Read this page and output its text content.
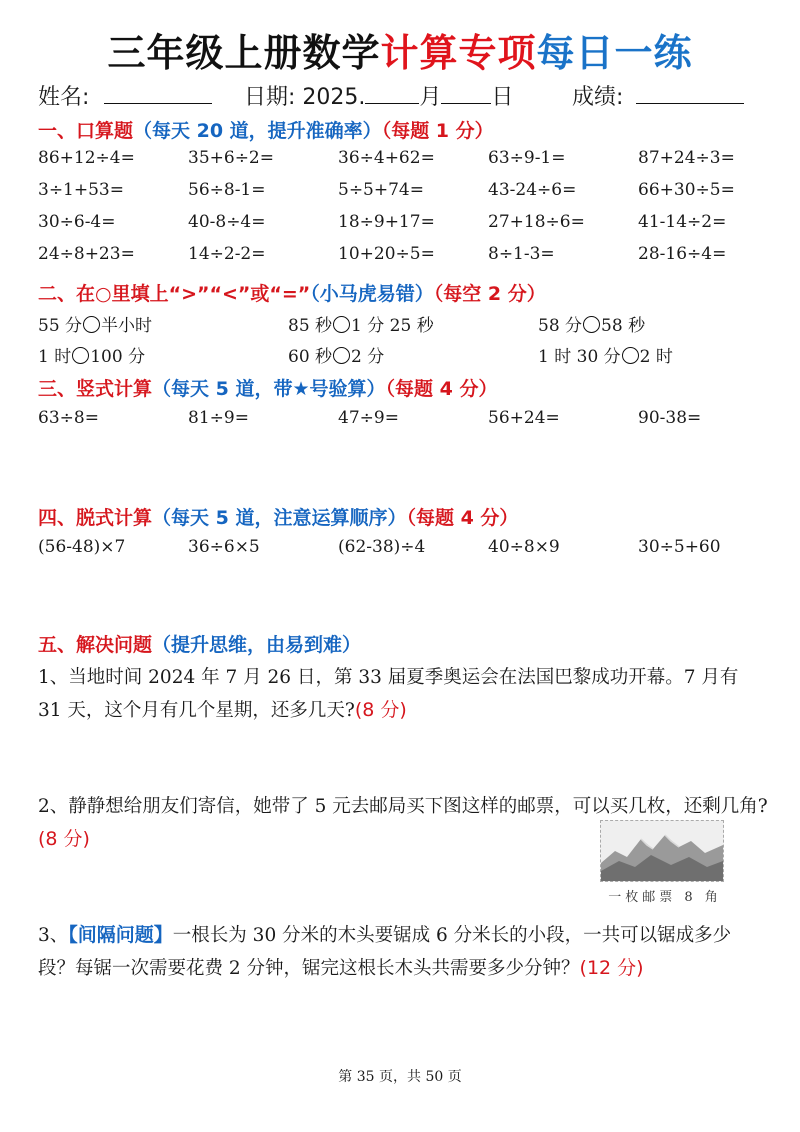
三年级上册数学计算专项每日一练
姓名:	日期: 2025. 月 日	成绩:
一、口算题（每天 20 道，提升准确率）（每题 1 分）
86+12÷4=	35+6÷2=	36÷4+62=	63÷9-1=	87+24÷3=
3÷1+53=	56÷8-1=	5÷5+74=	43-24÷6=	66+30÷5=
30÷6-4=	40-8÷4=	18÷9+17=	27+18÷6=	41-14÷2=
24÷8+23=	14÷2-2=	10+20÷5=	8÷1-3=	28-16÷4=
二、在○里填上“>”“<”或“=”（小马虎易错）（每空 2 分）
55 分 半小时	85 秒 1 分 25 秒	58 分 58 秒
1 时 100 分	60 秒 2 分	1 时 30 分 2 时
三、竖式计算（每天 5 道，带★号验算）（每题 4 分）
63÷8=	81÷9=	47÷9=	56+24=	90-38=
四、脱式计算（每天 5 道，注意运算顺序）（每题 4 分）
(56-48)×7	36÷6×5	(62-38)÷4	40÷8×9	30÷5+60
五、解决问题（提升思维，由易到难）
1、当地时间 2024 年 7 月 26 日，第 33 届夏季奥运会在法国巴黎成功开幕。7 月有 31 天，这个月有几个星期，还多几天?(8 分)
2、静静想给朋友们寄信，她带了 5 元去邮局买下图这样的邮票，可以买几枚，还剩几角?(8 分)
一枚邮票 8 角
3、【间隔问题】一根长为 30 分米的木头要锯成 6 分米长的小段，一共可以锯成多少段？每锯一次需要花费 2 分钟，锯完这根长木头共需要多少分钟？(12 分)
第 35 页，共 50 页
